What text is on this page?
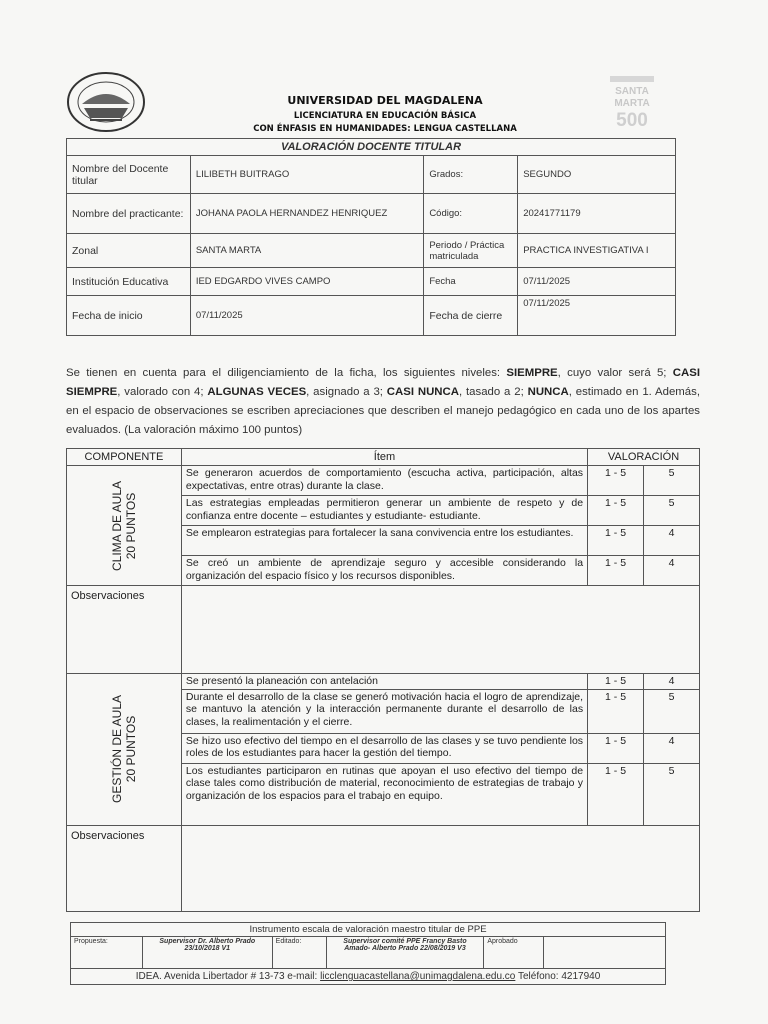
SANTA
MARTA
500
UNIVERSIDAD DEL MAGDALENA
LICENCIATURA EN EDUCACIÓN BÁSICA
CON ÉNFASIS EN HUMANIDADES: LENGUA CASTELLANA
VALORACIÓN DOCENTE TITULAR			
Nombre del Docente titular	LILIBETH BUITRAGO	Grados:	SEGUNDO
Nombre del practicante:	JOHANA PAOLA HERNANDEZ HENRIQUEZ	Código:	20241771179
Zonal	SANTA MARTA	Periodo / Práctica matriculada	PRACTICA INVESTIGATIVA I
Institución Educativa	IED EDGARDO VIVES CAMPO	Fecha	07/11/2025
Fecha de inicio	07/11/2025	Fecha de cierre	07/11/2025
Se tienen en cuenta para el diligenciamiento de la ficha, los siguientes niveles: SIEMPRE, cuyo valor será 5; CASI SIEMPRE, valorado con 4; ALGUNAS VECES, asignado a 3; CASI NUNCA, tasado a 2; NUNCA, estimado en 1. Además, en el espacio de observaciones se escriben apreciaciones que describen el manejo pedagógico en cada uno de los apartes evaluados. (La valoración máximo 100 puntos)
COMPONENTE	Ítem	VALORACIÓN	

CLIMA DE AULA 20 PUNTOS	Se generaron acuerdos de comportamiento (escucha activa, participación, altas expectativas, entre otras) durante la clase.	1 - 5	5
	Las estrategias empleadas permitieron generar un ambiente de respeto y de confianza entre docente – estudiantes y estudiante- estudiante.	1 - 5	5
	Se emplearon estrategias para fortalecer la sana convivencia entre los estudiantes.	1 - 5	4
	Se creó un ambiente de aprendizaje seguro y accesible considerando la organización del espacio físico y los recursos disponibles.	1 - 5	4
Observaciones			

GESTIÓN DE AULA 20 PUNTOS	Se presentó la planeación con antelación	1 - 5	4
	Durante el desarrollo de la clase se generó motivación hacia el logro de aprendizaje, se mantuvo la atención y la interacción permanente durante el desarrollo de las clases, la realimentación y el cierre.	1 - 5	5
	Se hizo uso efectivo del tiempo en el desarrollo de las clases y se tuvo pendiente los roles de los estudiantes para hacer la gestión del tiempo.	1 - 5	4
	Los estudiantes participaron en rutinas que apoyan el uso efectivo del tiempo de clase tales como distribución de material, reconocimiento de estrategias de trabajo y organización de los espacios para el trabajo en equipo.	1 - 5	5
Observaciones			
Instrumento escala de valoración maestro titular de PPE
Propuesta:	Supervisor Dr. Alberto Prado 23/10/2018 V1	Editado:	Supervisor comité PPE Francy Basto Amado- Alberto Prado 22/08/2019 V3	Aprobado	
IDEA. Avenida Libertador # 13-73 e-mail: licclenguacastellana@unimagdalena.edu.co Teléfono: 4217940
